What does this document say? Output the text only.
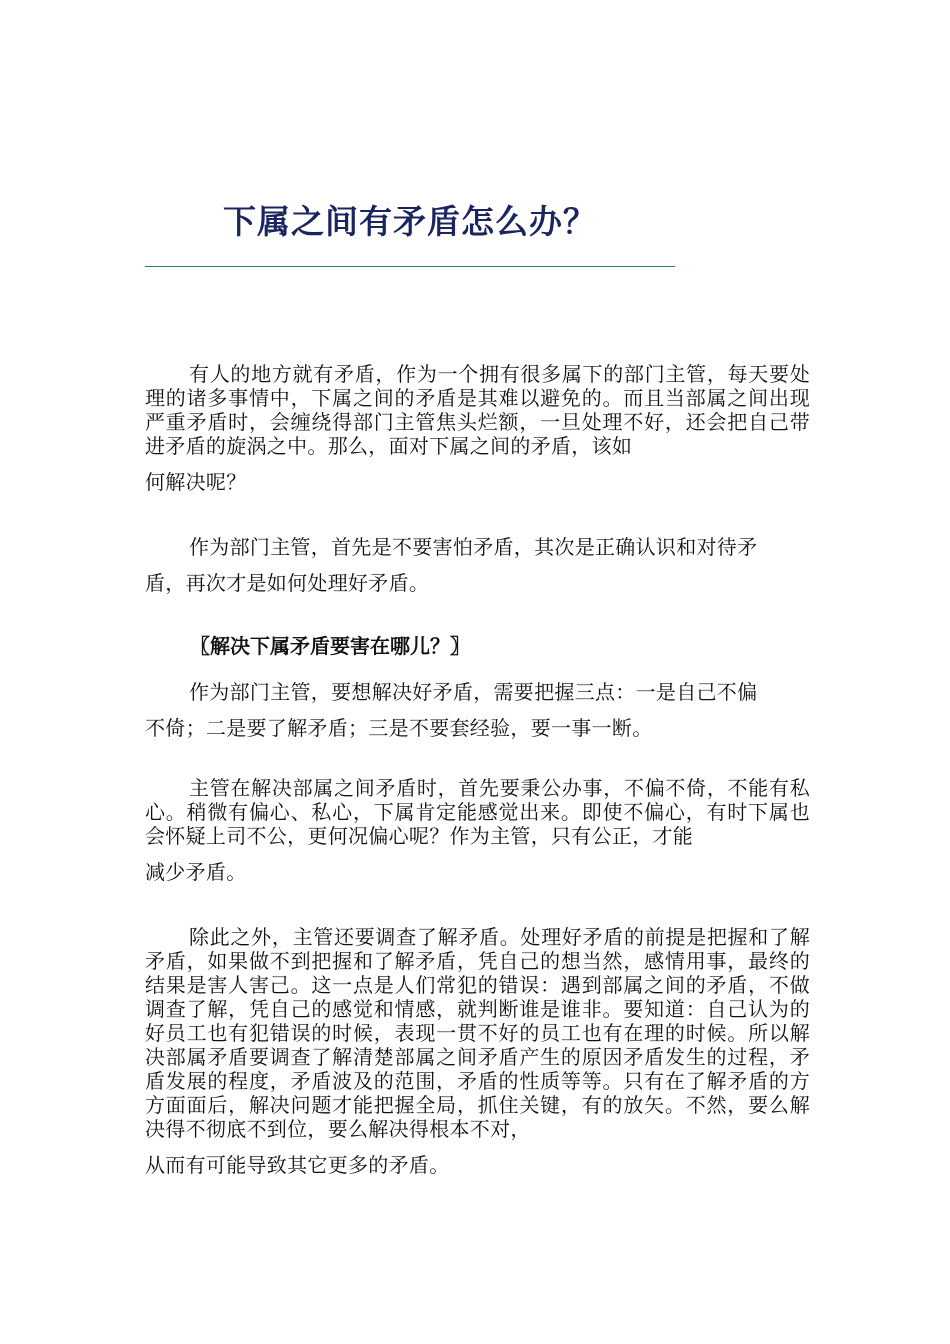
下属之间有矛盾怎么办？

有人的地方就有矛盾，作为一个拥有很多属下的部门主管，每天要处理的诸多事情中，下属之间的矛盾是其难以避免的。而且当部属之间出现严重矛盾时，会缠绕得部门主管焦头烂额，一旦处理不好，还会把自己带进矛盾的旋涡之中。那么，面对下属之间的矛盾，该如
何解决呢？

作为部门主管，首先是不要害怕矛盾，其次是正确认识和对待矛
盾，再次才是如何处理好矛盾。

〖解决下属矛盾要害在哪儿？〗

作为部门主管，要想解决好矛盾，需要把握三点：一是自己不偏
不倚；二是要了解矛盾；三是不要套经验，要一事一断。

主管在解决部属之间矛盾时，首先要秉公办事，不偏不倚，不能有私心。稍微有偏心、私心，下属肯定能感觉出来。即使不偏心，有时下属也会怀疑上司不公，更何况偏心呢？作为主管，只有公正，才能
减少矛盾。

除此之外，主管还要调查了解矛盾。处理好矛盾的前提是把握和了解矛盾，如果做不到把握和了解矛盾，凭自己的想当然，感情用事，最终的结果是害人害己。这一点是人们常犯的错误：遇到部属之间的矛盾，不做调查了解，凭自己的感觉和情感，就判断谁是谁非。要知道：自己认为的好员工也有犯错误的时候，表现一贯不好的员工也有在理的时候。所以解决部属矛盾要调查了解清楚部属之间矛盾产生的原因矛盾发生的过程，矛盾发展的程度，矛盾波及的范围，矛盾的性质等等。只有在了解矛盾的方方面面后，解决问题才能把握全局，抓住关键，有的放矢。不然，要么解决得不彻底不到位，要么解决得根本不对，
从而有可能导致其它更多的矛盾。
